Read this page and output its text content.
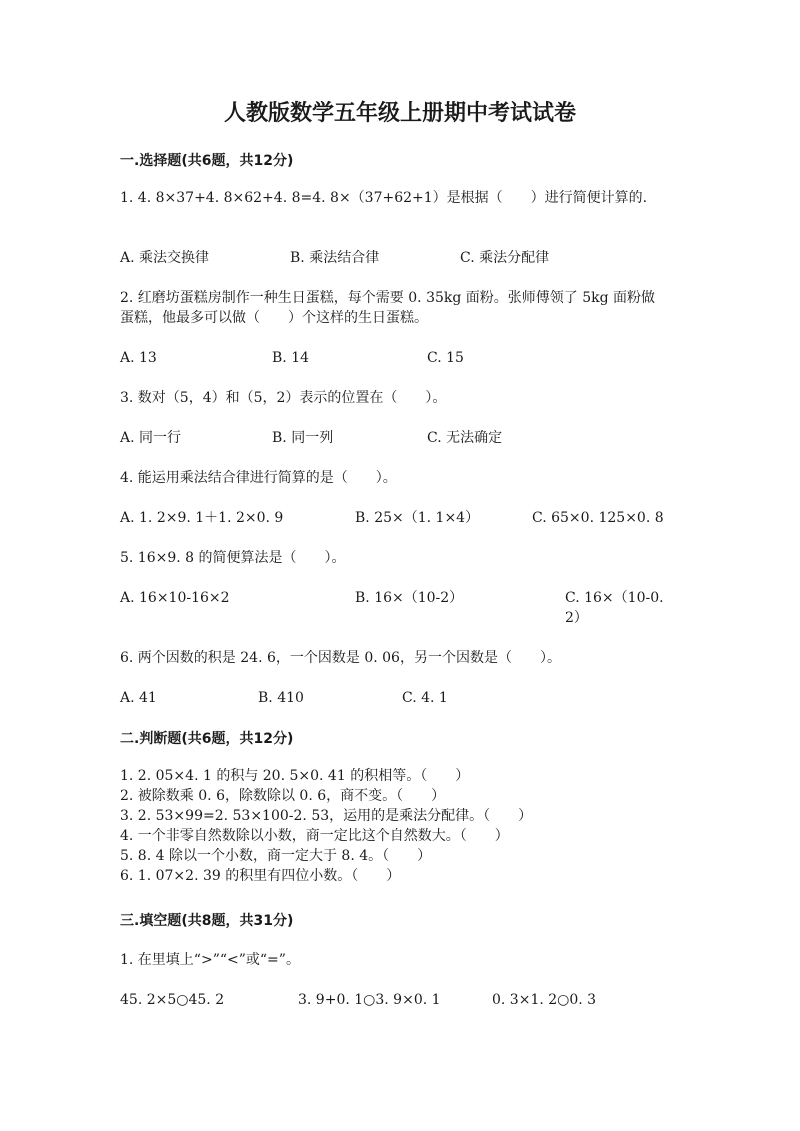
人教版数学五年级上册期中考试试卷
一.选择题(共6题，共12分)
1. 4. 8×37+4. 8×62+4. 8=4. 8×（37+62+1）是根据（　　）进行简便计算的.
A. 乘法交换律	B. 乘法结合律	C. 乘法分配律
2. 红磨坊蛋糕房制作一种生日蛋糕，每个需要 0. 35kg 面粉。张师傅领了 5kg 面粉做蛋糕，他最多可以做（　　）个这样的生日蛋糕。
A. 13	B. 14	C. 15
3. 数对（5，4）和（5，2）表示的位置在（　　）。
A. 同一行	B. 同一列	C. 无法确定
4. 能运用乘法结合律进行简算的是（　　）。
A. 1. 2×9. 1＋1. 2×0. 9	B. 25×（1. 1×4）	C. 65×0. 125×0. 8
5. 16×9. 8 的简便算法是（　　）。
A. 16×10-16×2	B. 16×（10-2）	C. 16×（10-0. 2）
6. 两个因数的积是 24. 6，一个因数是 0. 06，另一个因数是（　　）。
A. 41	B. 410	C. 4. 1
二.判断题(共6题，共12分)
1. 2. 05×4. 1 的积与 20. 5×0. 41 的积相等。（　　）
2. 被除数乘 0. 6，除数除以 0. 6，商不变。（　　）
3. 2. 53×99=2. 53×100-2. 53，运用的是乘法分配律。（　　）
4. 一个非零自然数除以小数，商一定比这个自然数大。（　　）
5. 8. 4 除以一个小数，商一定大于 8. 4。（　　）
6. 1. 07×2. 39 的积里有四位小数。（　　）
三.填空题(共8题，共31分)
1. 在里填上“>”“<”或“=”。
45. 2×5○45. 2	3. 9+0. 1○3. 9×0. 1	0. 3×1. 2○0. 3
